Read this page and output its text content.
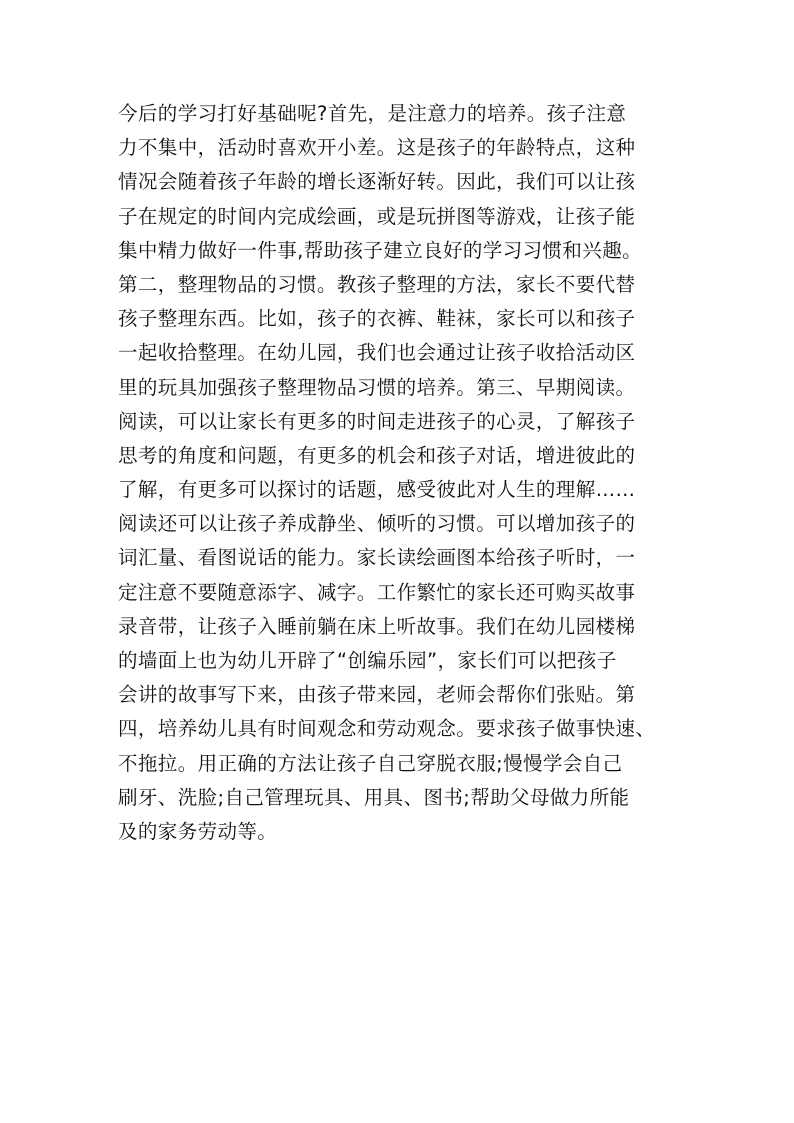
今后的学习打好基础呢?首先，是注意力的培养。孩子注意
力不集中，活动时喜欢开小差。这是孩子的年龄特点，这种
情况会随着孩子年龄的增长逐渐好转。因此，我们可以让孩
子在规定的时间内完成绘画，或是玩拼图等游戏，让孩子能
集中精力做好一件事,帮助孩子建立良好的学习习惯和兴趣。
第二，整理物品的习惯。教孩子整理的方法，家长不要代替
孩子整理东西。比如，孩子的衣裤、鞋袜，家长可以和孩子
一起收拾整理。在幼儿园，我们也会通过让孩子收拾活动区
里的玩具加强孩子整理物品习惯的培养。第三、早期阅读。
阅读，可以让家长有更多的时间走进孩子的心灵，了解孩子
思考的角度和问题，有更多的机会和孩子对话，增进彼此的
了解，有更多可以探讨的话题，感受彼此对人生的理解……
阅读还可以让孩子养成静坐、倾听的习惯。可以增加孩子的
词汇量、看图说话的能力。家长读绘画图本给孩子听时，一
定注意不要随意添字、减字。工作繁忙的家长还可购买故事
录音带，让孩子入睡前躺在床上听故事。我们在幼儿园楼梯
的墙面上也为幼儿开辟了“创编乐园”，家长们可以把孩子
会讲的故事写下来，由孩子带来园，老师会帮你们张贴。第
四，培养幼儿具有时间观念和劳动观念。要求孩子做事快速、
不拖拉。用正确的方法让孩子自己穿脱衣服;慢慢学会自己
刷牙、洗脸;自己管理玩具、用具、图书;帮助父母做力所能
及的家务劳动等。
